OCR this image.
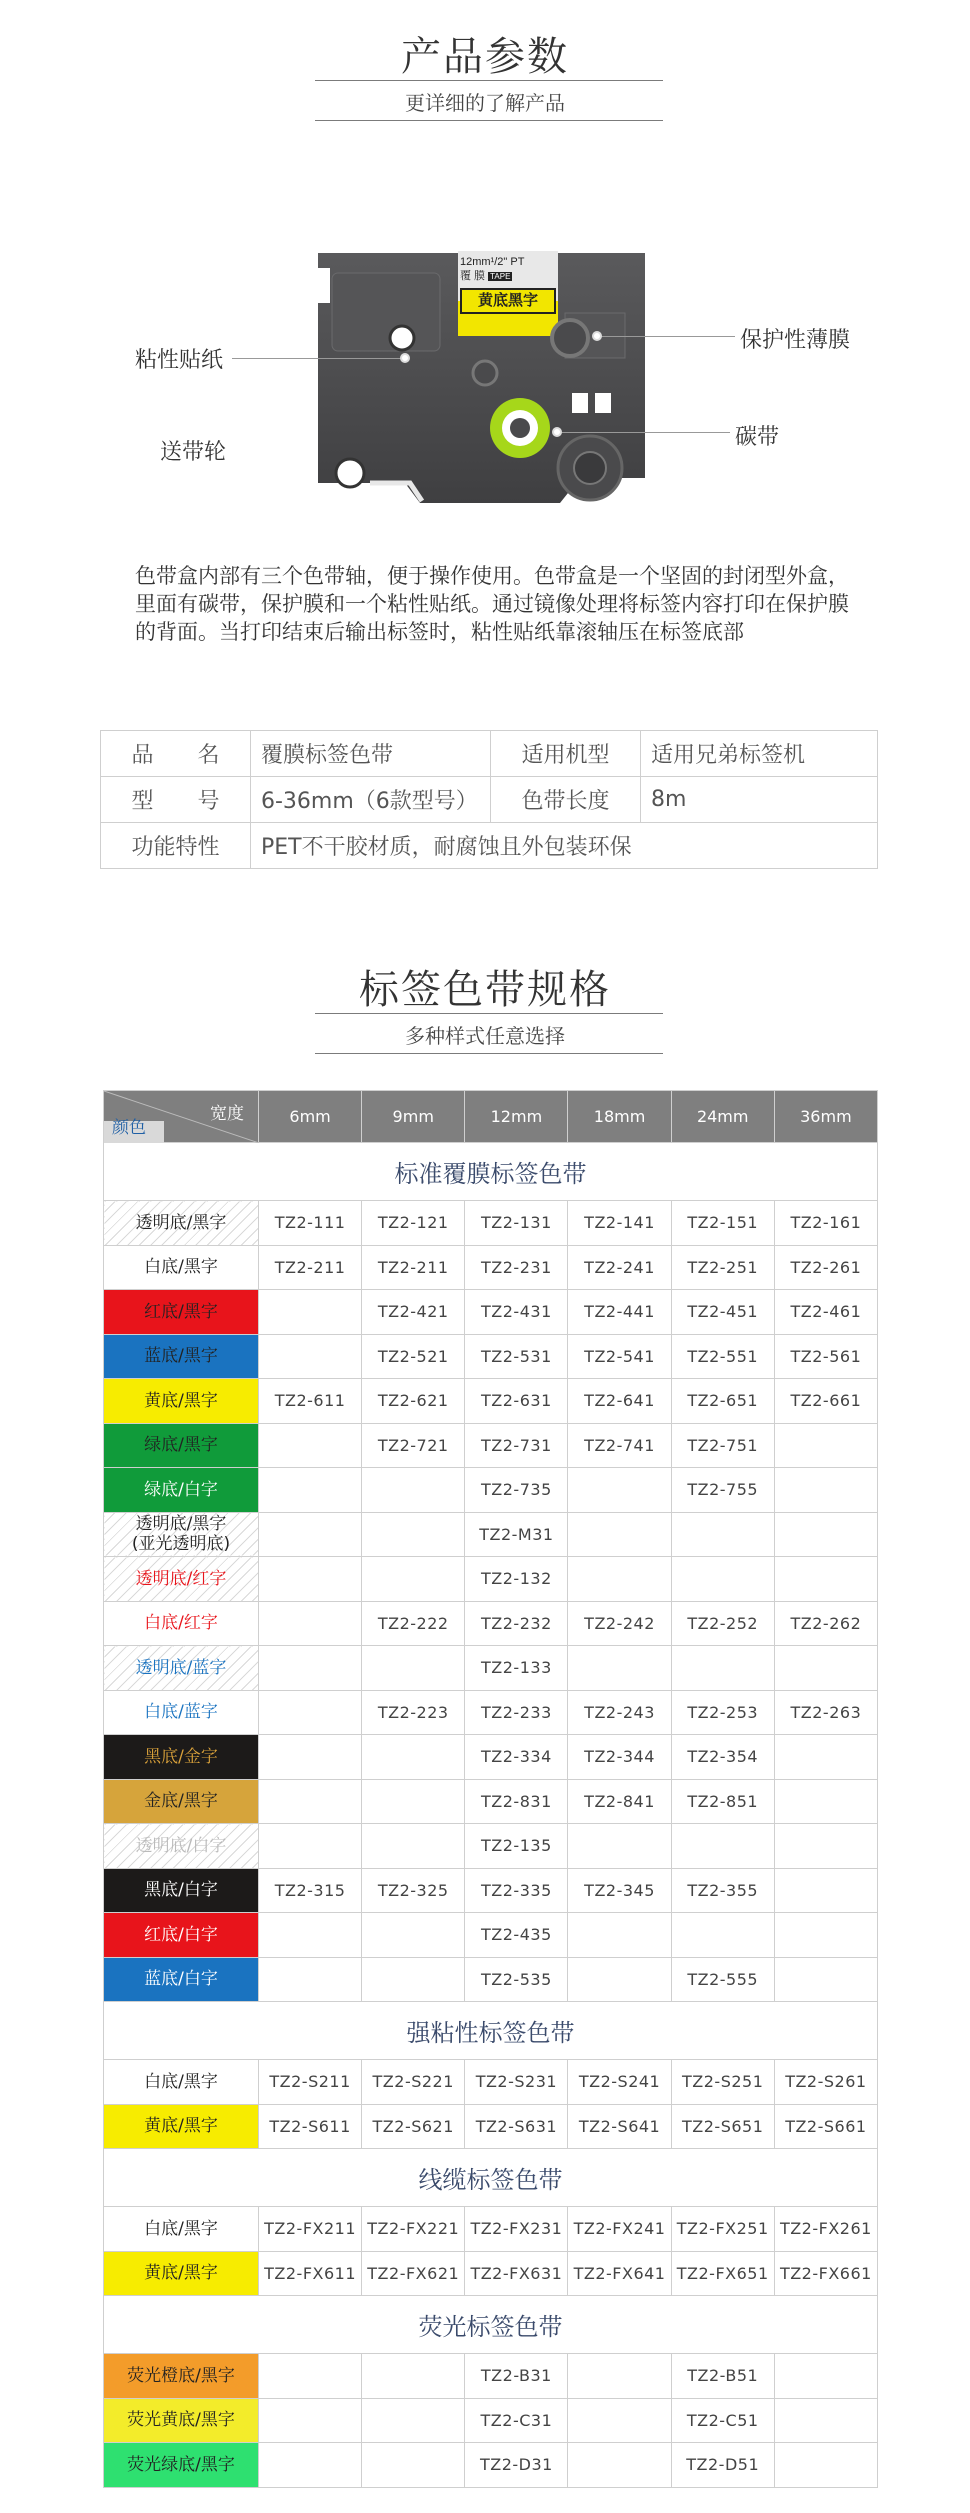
产品参数
更详细的了解产品
12mm¹/2" PT
覆 膜 TAPE
黄底黑字
粘性贴纸
送带轮
保护性薄膜
碳带
色带盒内部有三个色带轴，便于操作使用。色带盒是一个坚固的封闭型外盒，里面有碳带，保护膜和一个粘性贴纸。通过镜像处理将标签内容打印在保护膜的背面。当打印结束后输出标签时，粘性贴纸靠滚轴压在标签底部
品　　名	覆膜标签色带	适用机型	适用兄弟标签机
型　　号	6-36mm（6款型号）	色带长度	8m
功能特性	PET不干胶材质，耐腐蚀且外包装环保		
标签色带规格
多种样式任意选择
宽度
颜色	6mm	9mm	12mm	18mm	24mm	36mm
标准覆膜标签色带						
透明底/黑字	TZ2-111	TZ2-121	TZ2-131	TZ2-141	TZ2-151	TZ2-161
白底/黑字	TZ2-211	TZ2-211	TZ2-231	TZ2-241	TZ2-251	TZ2-261
红底/黑字		TZ2-421	TZ2-431	TZ2-441	TZ2-451	TZ2-461
蓝底/黑字		TZ2-521	TZ2-531	TZ2-541	TZ2-551	TZ2-561
黄底/黑字	TZ2-611	TZ2-621	TZ2-631	TZ2-641	TZ2-651	TZ2-661
绿底/黑字		TZ2-721	TZ2-731	TZ2-741	TZ2-751	
绿底/白字			TZ2-735		TZ2-755	
透明底/黑字
(亚光透明底)			TZ2-M31			
透明底/红字			TZ2-132			
白底/红字		TZ2-222	TZ2-232	TZ2-242	TZ2-252	TZ2-262
透明底/蓝字			TZ2-133			
白底/蓝字		TZ2-223	TZ2-233	TZ2-243	TZ2-253	TZ2-263
黑底/金字			TZ2-334	TZ2-344	TZ2-354	
金底/黑字			TZ2-831	TZ2-841	TZ2-851	
透明底/白字			TZ2-135			
黑底/白字	TZ2-315	TZ2-325	TZ2-335	TZ2-345	TZ2-355	
红底/白字			TZ2-435			
蓝底/白字			TZ2-535		TZ2-555	
强粘性标签色带						
白底/黑字	TZ2-S211	TZ2-S221	TZ2-S231	TZ2-S241	TZ2-S251	TZ2-S261
黄底/黑字	TZ2-S611	TZ2-S621	TZ2-S631	TZ2-S641	TZ2-S651	TZ2-S661
线缆标签色带						
白底/黑字	TZ2-FX211	TZ2-FX221	TZ2-FX231	TZ2-FX241	TZ2-FX251	TZ2-FX261
黄底/黑字	TZ2-FX611	TZ2-FX621	TZ2-FX631	TZ2-FX641	TZ2-FX651	TZ2-FX661
荧光标签色带						
荧光橙底/黑字			TZ2-B31		TZ2-B51	
荧光黄底/黑字			TZ2-C31		TZ2-C51	
荧光绿底/黑字			TZ2-D31		TZ2-D51	
